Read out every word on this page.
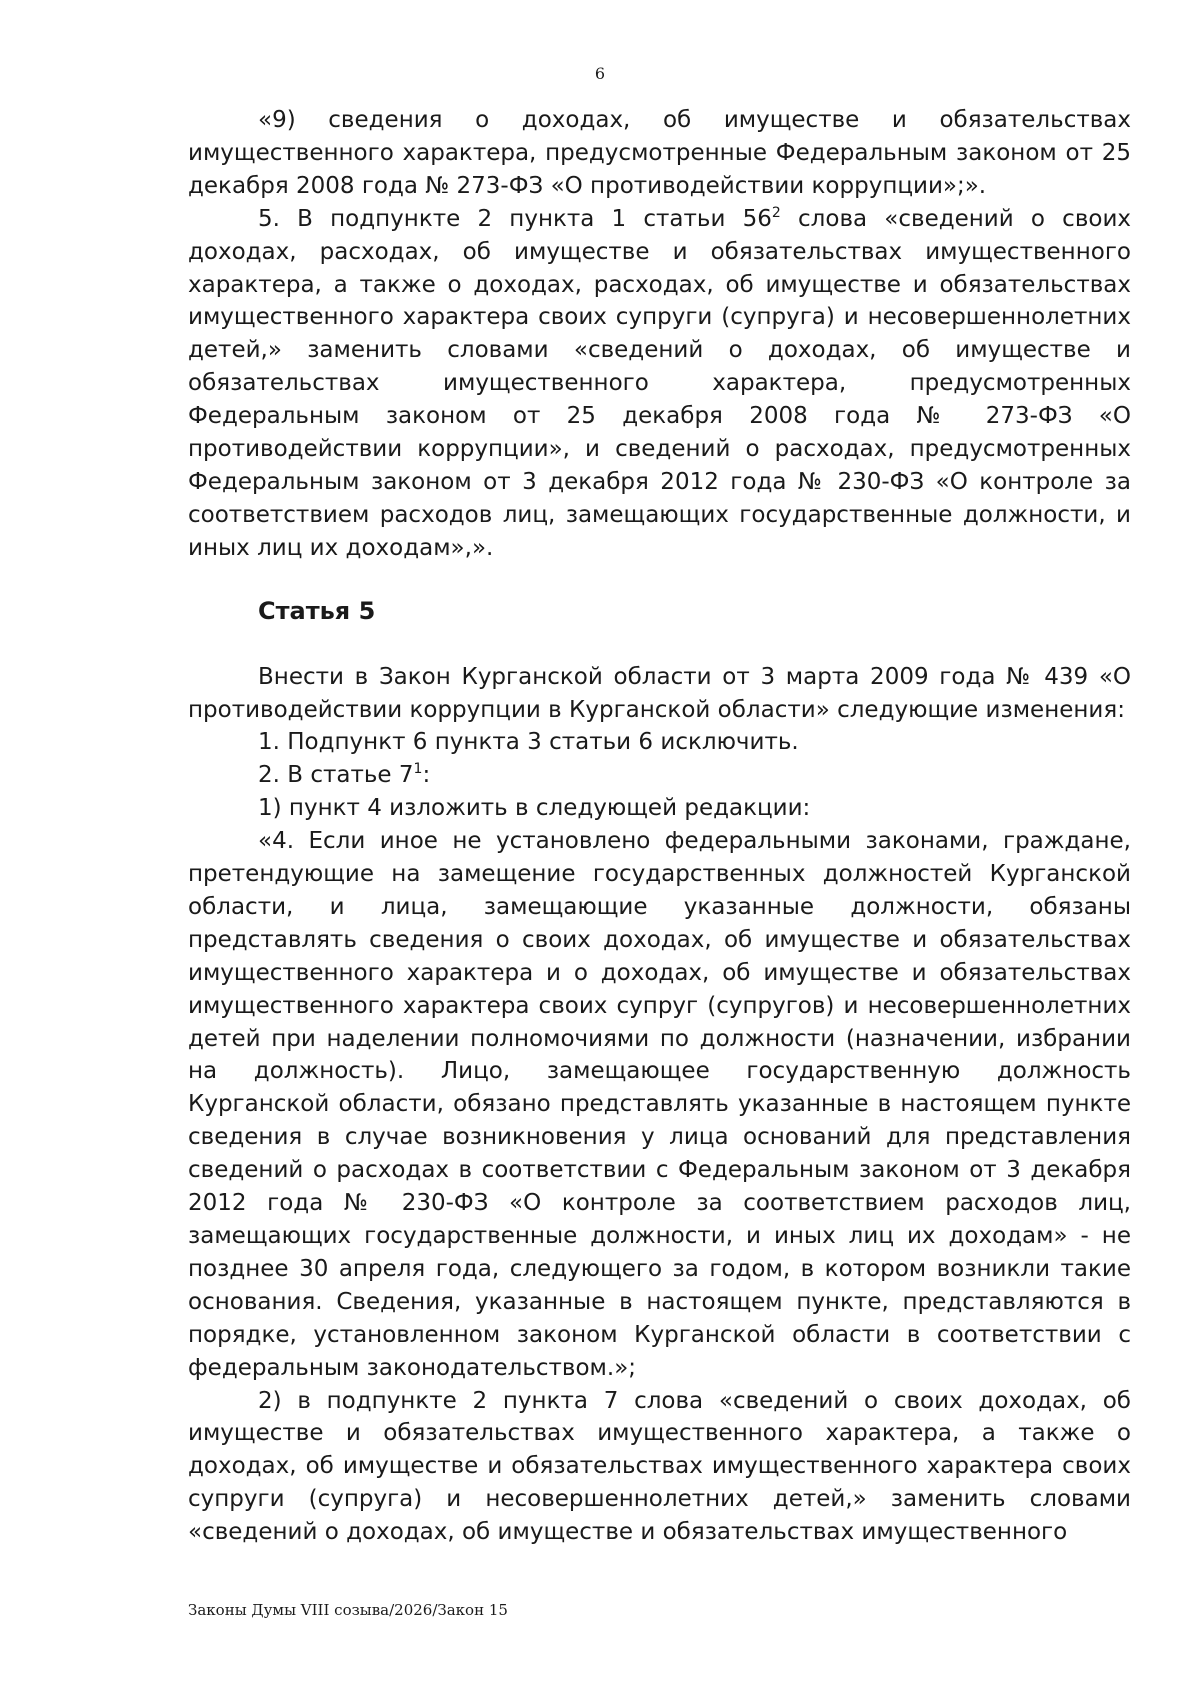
6

«9) сведения о доходах, об имуществе и обязательствах имущественного характера, предусмотренные Федеральным законом от 25 декабря 2008 года № 273-ФЗ «О противодействии коррупции»;».

5. В подпункте 2 пункта 1 статьи $56^2$ слова «сведений о своих доходах, расходах, об имуществе и обязательствах имущественного характера, а также о доходах, расходах, об имуществе и обязательствах имущественного характера своих супруги (супруга) и несовершеннолетних детей,» заменить словами «сведений о доходах, об имуществе и обязательствах имущественного характера, предусмотренных Федеральным законом от 25 декабря 2008 года № 273-ФЗ «О противодействии коррупции», и сведений о расходах, предусмотренных Федеральным законом от 3 декабря 2012 года № 230-ФЗ «О контроле за соответствием расходов лиц, замещающих государственные должности, и иных лиц их доходам»,».

Статья 5

Внести в Закон Курганской области от 3 марта 2009 года № 439 «О противодействии коррупции в Курганской области» следующие изменения:

1. Подпункт 6 пункта 3 статьи 6 исключить.

2. В статье $7^1$:

1) пункт 4 изложить в следующей редакции:

«4. Если иное не установлено федеральными законами, граждане, претендующие на замещение государственных должностей Курганской области, и лица, замещающие указанные должности, обязаны представлять сведения о своих доходах, об имуществе и обязательствах имущественного характера и о доходах, об имуществе и обязательствах имущественного характера своих супруг (супругов) и несовершеннолетних детей при наделении полномочиями по должности (назначении, избрании на должность). Лицо, замещающее государственную должность Курганской области, обязано представлять указанные в настоящем пункте сведения в случае возникновения у лица оснований для представления сведений о расходах в соответствии с Федеральным законом от 3 декабря 2012 года № 230-ФЗ «О контроле за соответствием расходов лиц, замещающих государственные должности, и иных лиц их доходам» - не позднее 30 апреля года, следующего за годом, в котором возникли такие основания. Сведения, указанные в настоящем пункте, представляются в порядке, установленном законом Курганской области в соответствии с федеральным законодательством.»;

2) в подпункте 2 пункта 7 слова «сведений о своих доходах, об имуществе и обязательствах имущественного характера, а также о доходах, об имуществе и обязательствах имущественного характера своих супруги (супруга) и несовершеннолетних детей,» заменить словами «сведений о доходах, об имуществе и обязательствах имущественного

Законы Думы VIII созыва/2026/Закон 15
